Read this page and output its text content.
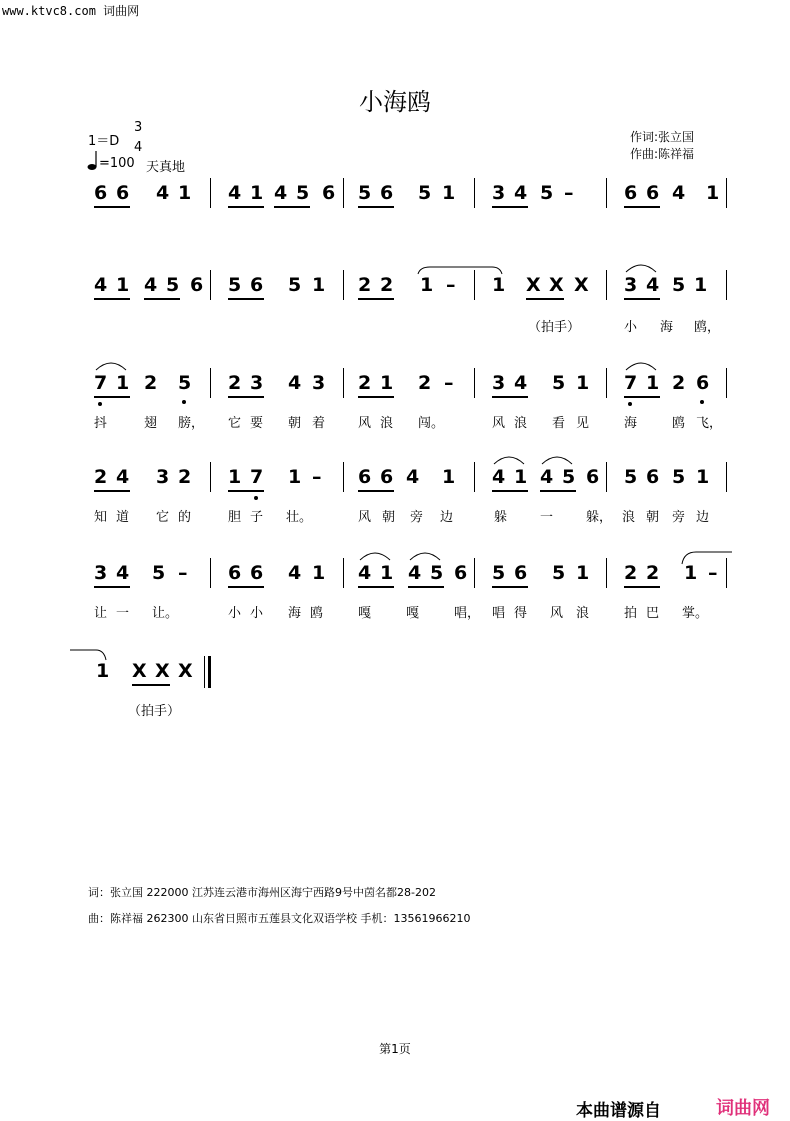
www.ktvc8.com 词曲网
小海鸥
1＝D
3
4
=100 天真地
作词:张立国
作曲:陈祥福
6 6 4 1 4 1 4 5 6 5 6 5 1 3 4 5 –	6 6 4 1
4 1 4 5 6 5 6 5 1 2 2 1 – 1 X X X 3 4 5 1
（拍手）	小 海 鸥，
7 1 2 5 2 3 4 3 2 1 2 – 3 4 5 1 7 1 2 6
抖	翅 膀， 它 要 朝 着	风 浪 闯。	风 浪 看 见	海	鸥 飞，
2 4 3 2 1 7 1 – 6 6 4 1 4 1 4 5 6 5 6 5 1
知 道 它 的	胆 子 壮。	风 朝 旁 边	躲	一	躲， 浪 朝 旁 边
3 4 5 – 6 6 4 1 4 1 4 5 6 5 6 5 1 2 2 1 –
让 一 让。	小 小 海 鸥	嘎	嘎	唱， 唱 得 风 浪	拍 巴 掌。
1 X X X
（拍手）
词：张立国 222000 江苏连云港市海州区海宁西路9号中茵名都28-202
曲：陈祥福 262300 山东省日照市五莲县文化双语学校 手机：13561966210
第1页
本曲谱源自	词曲网
